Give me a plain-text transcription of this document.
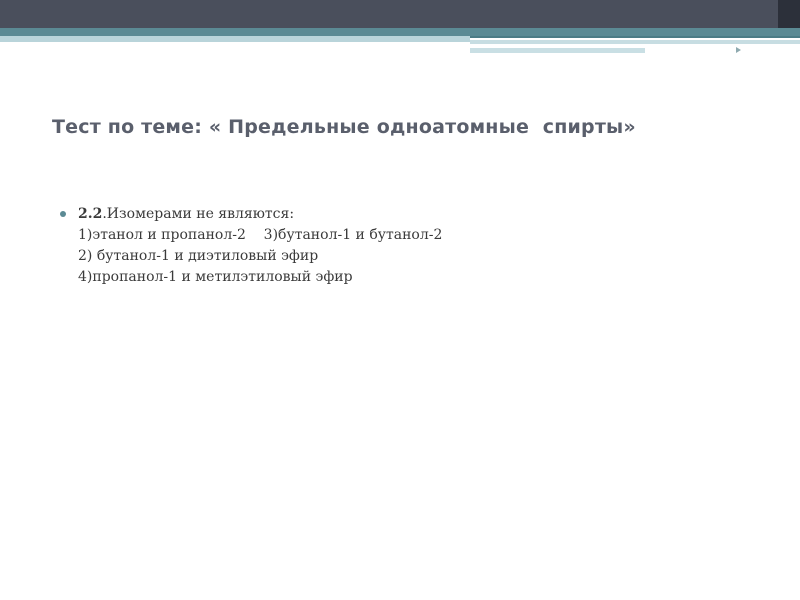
Тест по теме: « Предельные одноатомные  спирты»
2.2.Изомерами не являются:
1)этанол и пропанол-2    3)бутанол-1 и бутанол-2
2) бутанол-1 и диэтиловый эфир
4)пропанол-1 и метилэтиловый эфир
